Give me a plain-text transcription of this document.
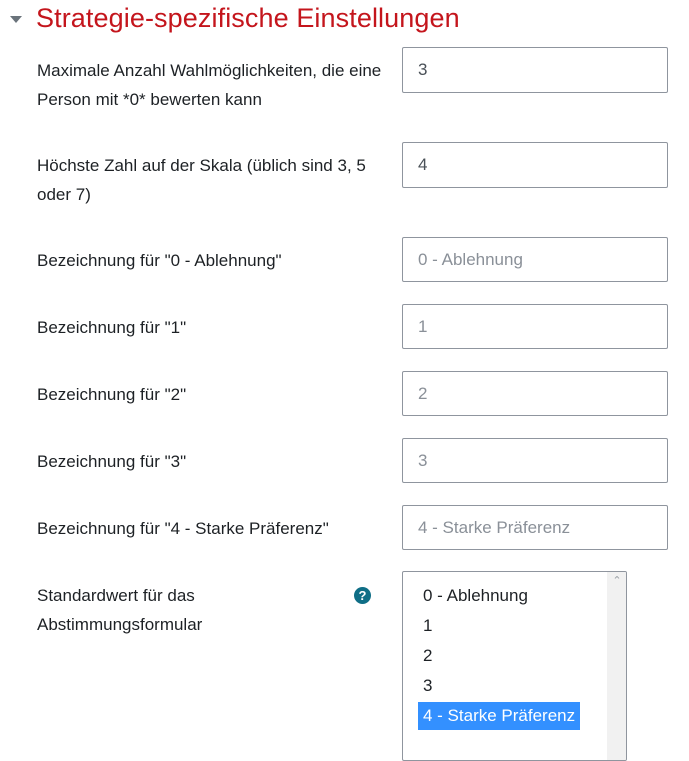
Strategie-spezifische Einstellungen
Maximale Anzahl Wahlmöglichkeiten, die eine Person mit *0* bewerten kann
3
Höchste Zahl auf der Skala (üblich sind 3, 5 oder 7)
4
Bezeichnung für "0 - Ablehnung"
0 - Ablehnung
Bezeichnung für "1"
1
Bezeichnung für "2"
2
Bezeichnung für "3"
3
Bezeichnung für "4 - Starke Präferenz"
4 - Starke Präferenz
Standardwert für das Abstimmungsformular
?
⌃
0 - Ablehnung
1
2
3
4 - Starke Präferenz
